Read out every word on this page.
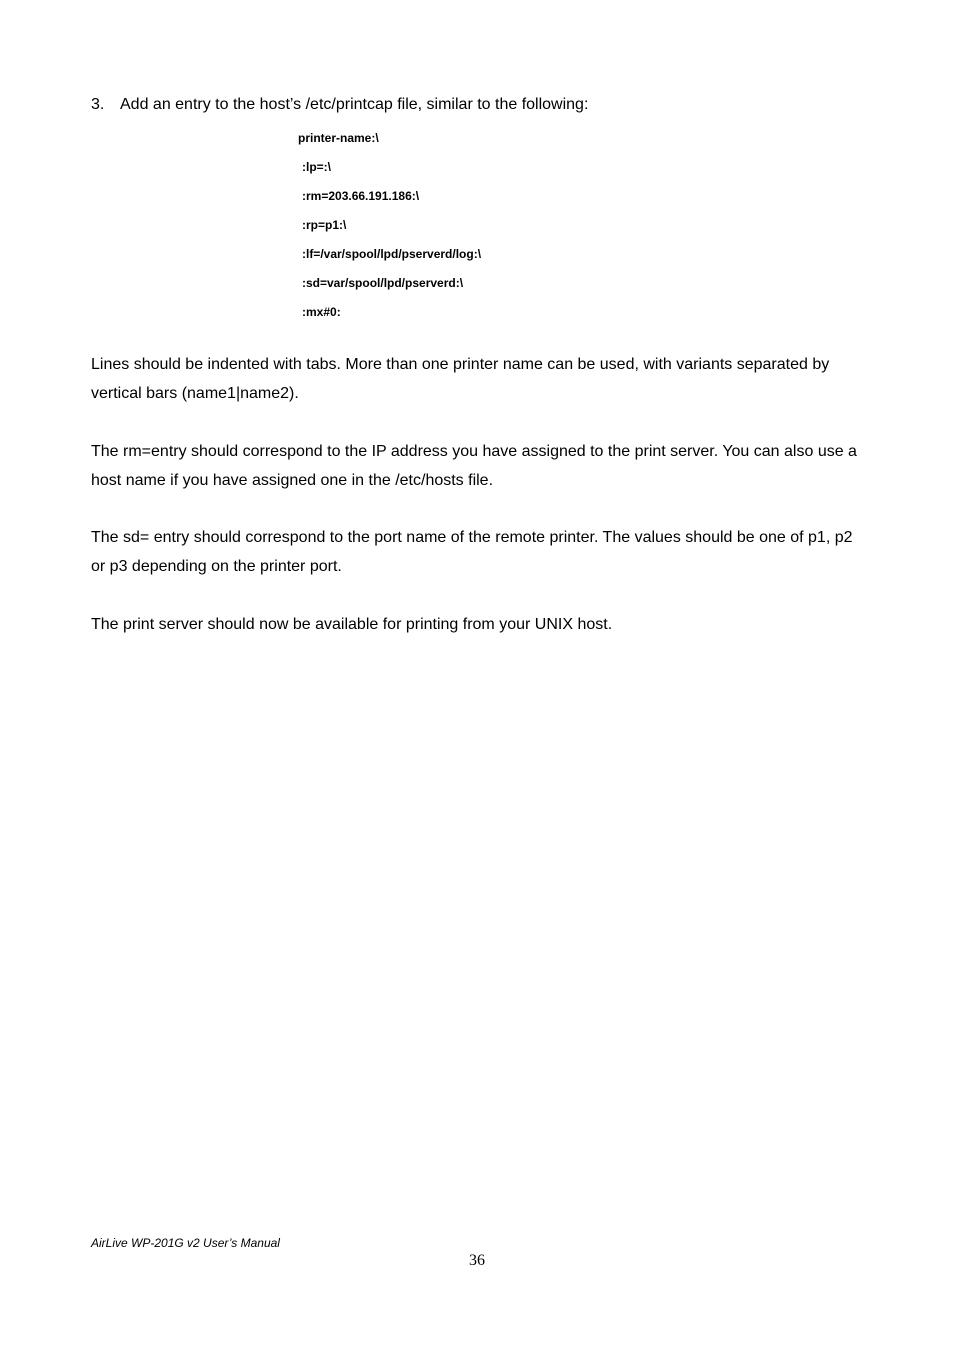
3. Add an entry to the host’s /etc/printcap file, similar to the following:
printer-name:\
:lp=:\
:rm=203.66.191.186:\
:rp=p1:\
:lf=/var/spool/lpd/pserverd/log:\
:sd=var/spool/lpd/pserverd:\
:mx#0:

Lines should be indented with tabs. More than one printer name can be used, with variants separated by vertical bars (name1|name2).

The rm=entry should correspond to the IP address you have assigned to the print server. You can also use a host name if you have assigned one in the /etc/hosts file.

The sd= entry should correspond to the port name of the remote printer. The values should be one of p1, p2 or p3 depending on the printer port.

The print server should now be available for printing from your UNIX host.

AirLive WP-201G v2 User’s Manual
36
